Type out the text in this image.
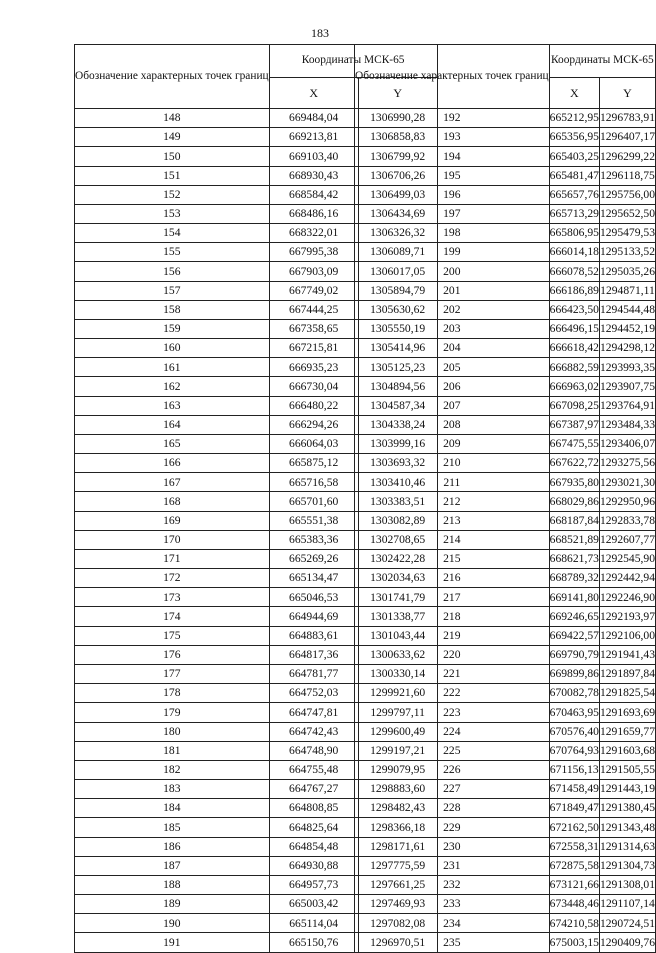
183
Обозначение характерных точек границ	Координаты МСК-65	
	X	Y
148	669484,04	1306990,28
149	669213,81	1306858,83
150	669103,40	1306799,92
151	668930,43	1306706,26
152	668584,42	1306499,03
153	668486,16	1306434,69
154	668322,01	1306326,32
155	667995,38	1306089,71
156	667903,09	1306017,05
157	667749,02	1305894,79
158	667444,25	1305630,62
159	667358,65	1305550,19
160	667215,81	1305414,96
161	666935,23	1305125,23
162	666730,04	1304894,56
163	666480,22	1304587,34
164	666294,26	1304338,24
165	666064,03	1303999,16
166	665875,12	1303693,32
167	665716,58	1303410,46
168	665701,60	1303383,51
169	665551,38	1303082,89
170	665383,36	1302708,65
171	665269,26	1302422,28
172	665134,47	1302034,63
173	665046,53	1301741,79
174	664944,69	1301338,77
175	664883,61	1301043,44
176	664817,36	1300633,62
177	664781,77	1300330,14
178	664752,03	1299921,60
179	664747,81	1299797,11
180	664742,43	1299600,49
181	664748,90	1299197,21
182	664755,48	1299079,95
183	664767,27	1298883,60
184	664808,85	1298482,43
185	664825,64	1298366,18
186	664854,48	1298171,61
187	664930,88	1297775,59
188	664957,73	1297661,25
189	665003,42	1297469,93
190	665114,04	1297082,08
191	665150,76	1296970,51
Обозначение характерных точек границ	Координаты МСК-65	
	X	Y
192	665212,95	1296783,91
193	665356,95	1296407,17
194	665403,25	1296299,22
195	665481,47	1296118,75
196	665657,76	1295756,00
197	665713,29	1295652,50
198	665806,95	1295479,53
199	666014,18	1295133,52
200	666078,52	1295035,26
201	666186,89	1294871,11
202	666423,50	1294544,48
203	666496,15	1294452,19
204	666618,42	1294298,12
205	666882,59	1293993,35
206	666963,02	1293907,75
207	667098,25	1293764,91
208	667387,97	1293484,33
209	667475,55	1293406,07
210	667622,72	1293275,56
211	667935,80	1293021,30
212	668029,86	1292950,96
213	668187,84	1292833,78
214	668521,89	1292607,77
215	668621,73	1292545,90
216	668789,32	1292442,94
217	669141,80	1292246,90
218	669246,65	1292193,97
219	669422,57	1292106,00
220	669790,79	1291941,43
221	669899,86	1291897,84
222	670082,78	1291825,54
223	670463,95	1291693,69
224	670576,40	1291659,77
225	670764,93	1291603,68
226	671156,13	1291505,55
227	671458,49	1291443,19
228	671849,47	1291380,45
229	672162,50	1291343,48
230	672558,31	1291314,63
231	672875,58	1291304,73
232	673121,66	1291308,01
233	673448,46	1291107,14
234	674210,58	1290724,51
235	675003,15	1290409,76
